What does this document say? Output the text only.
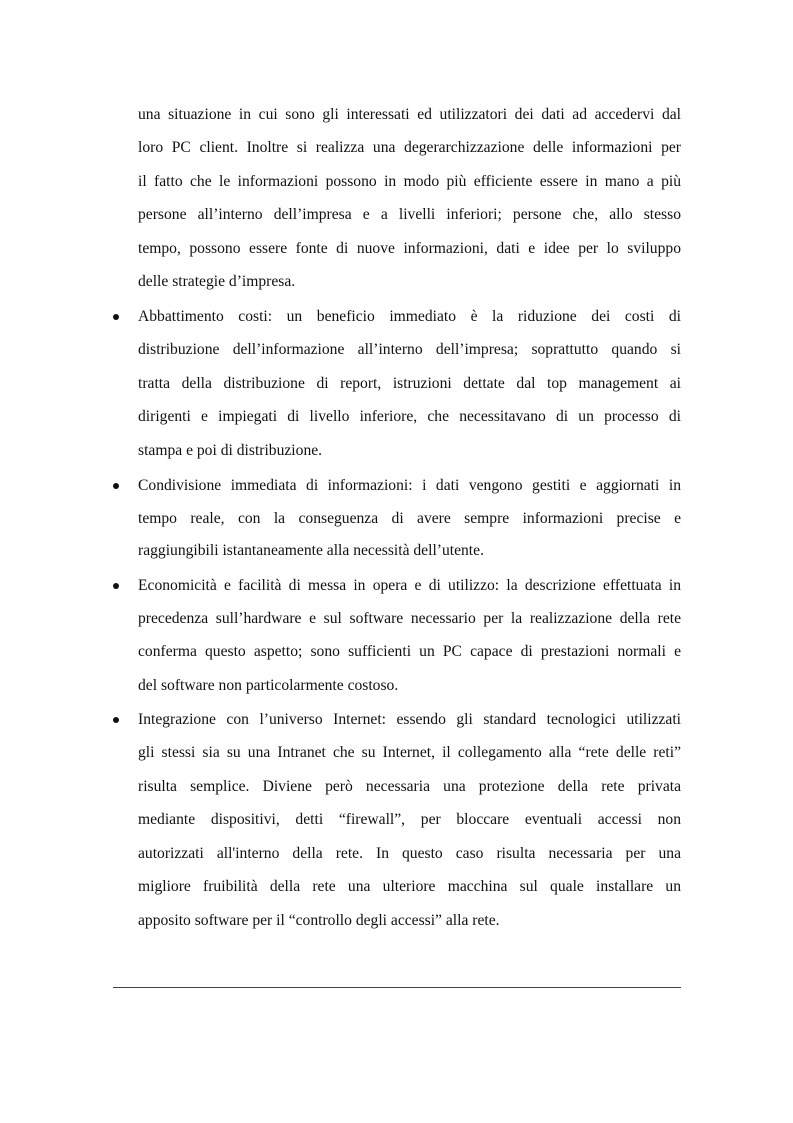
una situazione in cui sono gli interessati ed utilizzatori dei dati ad accedervi dal
loro PC client. Inoltre si realizza una degerarchizzazione delle informazioni per
il fatto che le informazioni possono in modo più efficiente essere in mano a più
persone all’interno dell’impresa e a livelli inferiori; persone che, allo stesso
tempo, possono essere fonte di nuove informazioni, dati e idee per lo sviluppo
delle strategie d’impresa.
Abbattimento costi: un beneficio immediato è la riduzione dei costi di
distribuzione dell’informazione all’interno dell’impresa; soprattutto quando si
tratta della distribuzione di report, istruzioni dettate dal top management ai
dirigenti e impiegati di livello inferiore, che necessitavano di un processo di
stampa e poi di distribuzione.
Condivisione immediata di informazioni: i dati vengono gestiti e aggiornati in
tempo reale, con la conseguenza di avere sempre informazioni precise e
raggiungibili istantaneamente alla necessità dell’utente.
Economicità e facilità di messa in opera e di utilizzo: la descrizione effettuata in
precedenza sull’hardware e sul software necessario per la realizzazione della rete
conferma questo aspetto; sono sufficienti un PC capace di prestazioni normali e
del software non particolarmente costoso.
Integrazione con l’universo Internet: essendo gli standard tecnologici utilizzati
gli stessi sia su una Intranet che su Internet, il collegamento alla “rete delle reti”
risulta semplice. Diviene però necessaria una protezione della rete privata
mediante dispositivi, detti “firewall”, per bloccare eventuali accessi non
autorizzati all'interno della rete. In questo caso risulta necessaria per una
migliore fruibilità della rete una ulteriore macchina sul quale installare un
apposito software per il “controllo degli accessi” alla rete.
